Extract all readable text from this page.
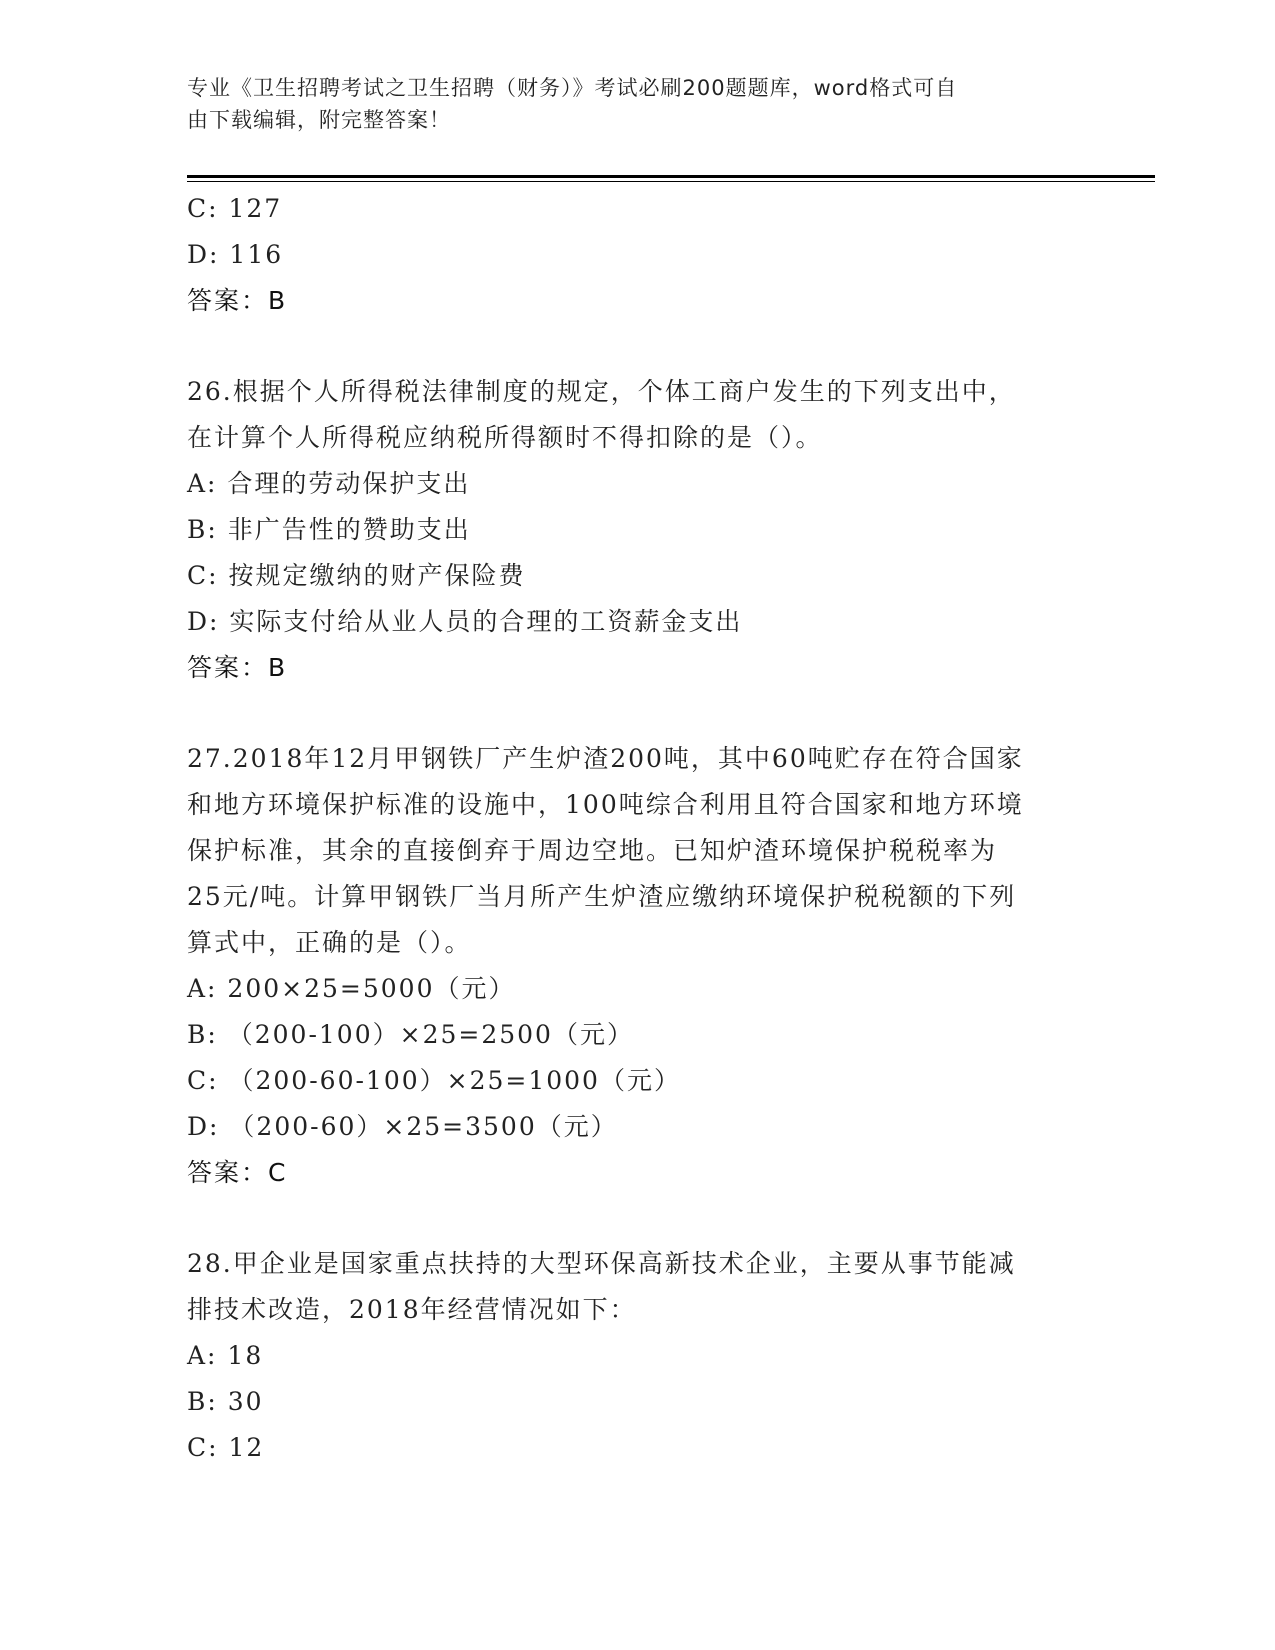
专业《卫生招聘考试之卫生招聘（财务）》考试必刷200题题库，word格式可自
由下载编辑，附完整答案！
C: 127
D: 116
答案：B
26.根据个人所得税法律制度的规定，个体工商户发生的下列支出中，
在计算个人所得税应纳税所得额时不得扣除的是（）。
A: 合理的劳动保护支出
B: 非广告性的赞助支出
C: 按规定缴纳的财产保险费
D: 实际支付给从业人员的合理的工资薪金支出
答案：B
27.2018年12月甲钢铁厂产生炉渣200吨，其中60吨贮存在符合国家
和地方环境保护标准的设施中，100吨综合利用且符合国家和地方环境
保护标准，其余的直接倒弃于周边空地。已知炉渣环境保护税税率为
25元/吨。计算甲钢铁厂当月所产生炉渣应缴纳环境保护税税额的下列
算式中，正确的是（）。
A: 200×25=5000（元）
B: （200-100）×25=2500（元）
C: （200-60-100）×25=1000（元）
D: （200-60）×25=3500（元）
答案：C
28.甲企业是国家重点扶持的大型环保高新技术企业，主要从事节能减
排技术改造，2018年经营情况如下：
A: 18
B: 30
C: 12
